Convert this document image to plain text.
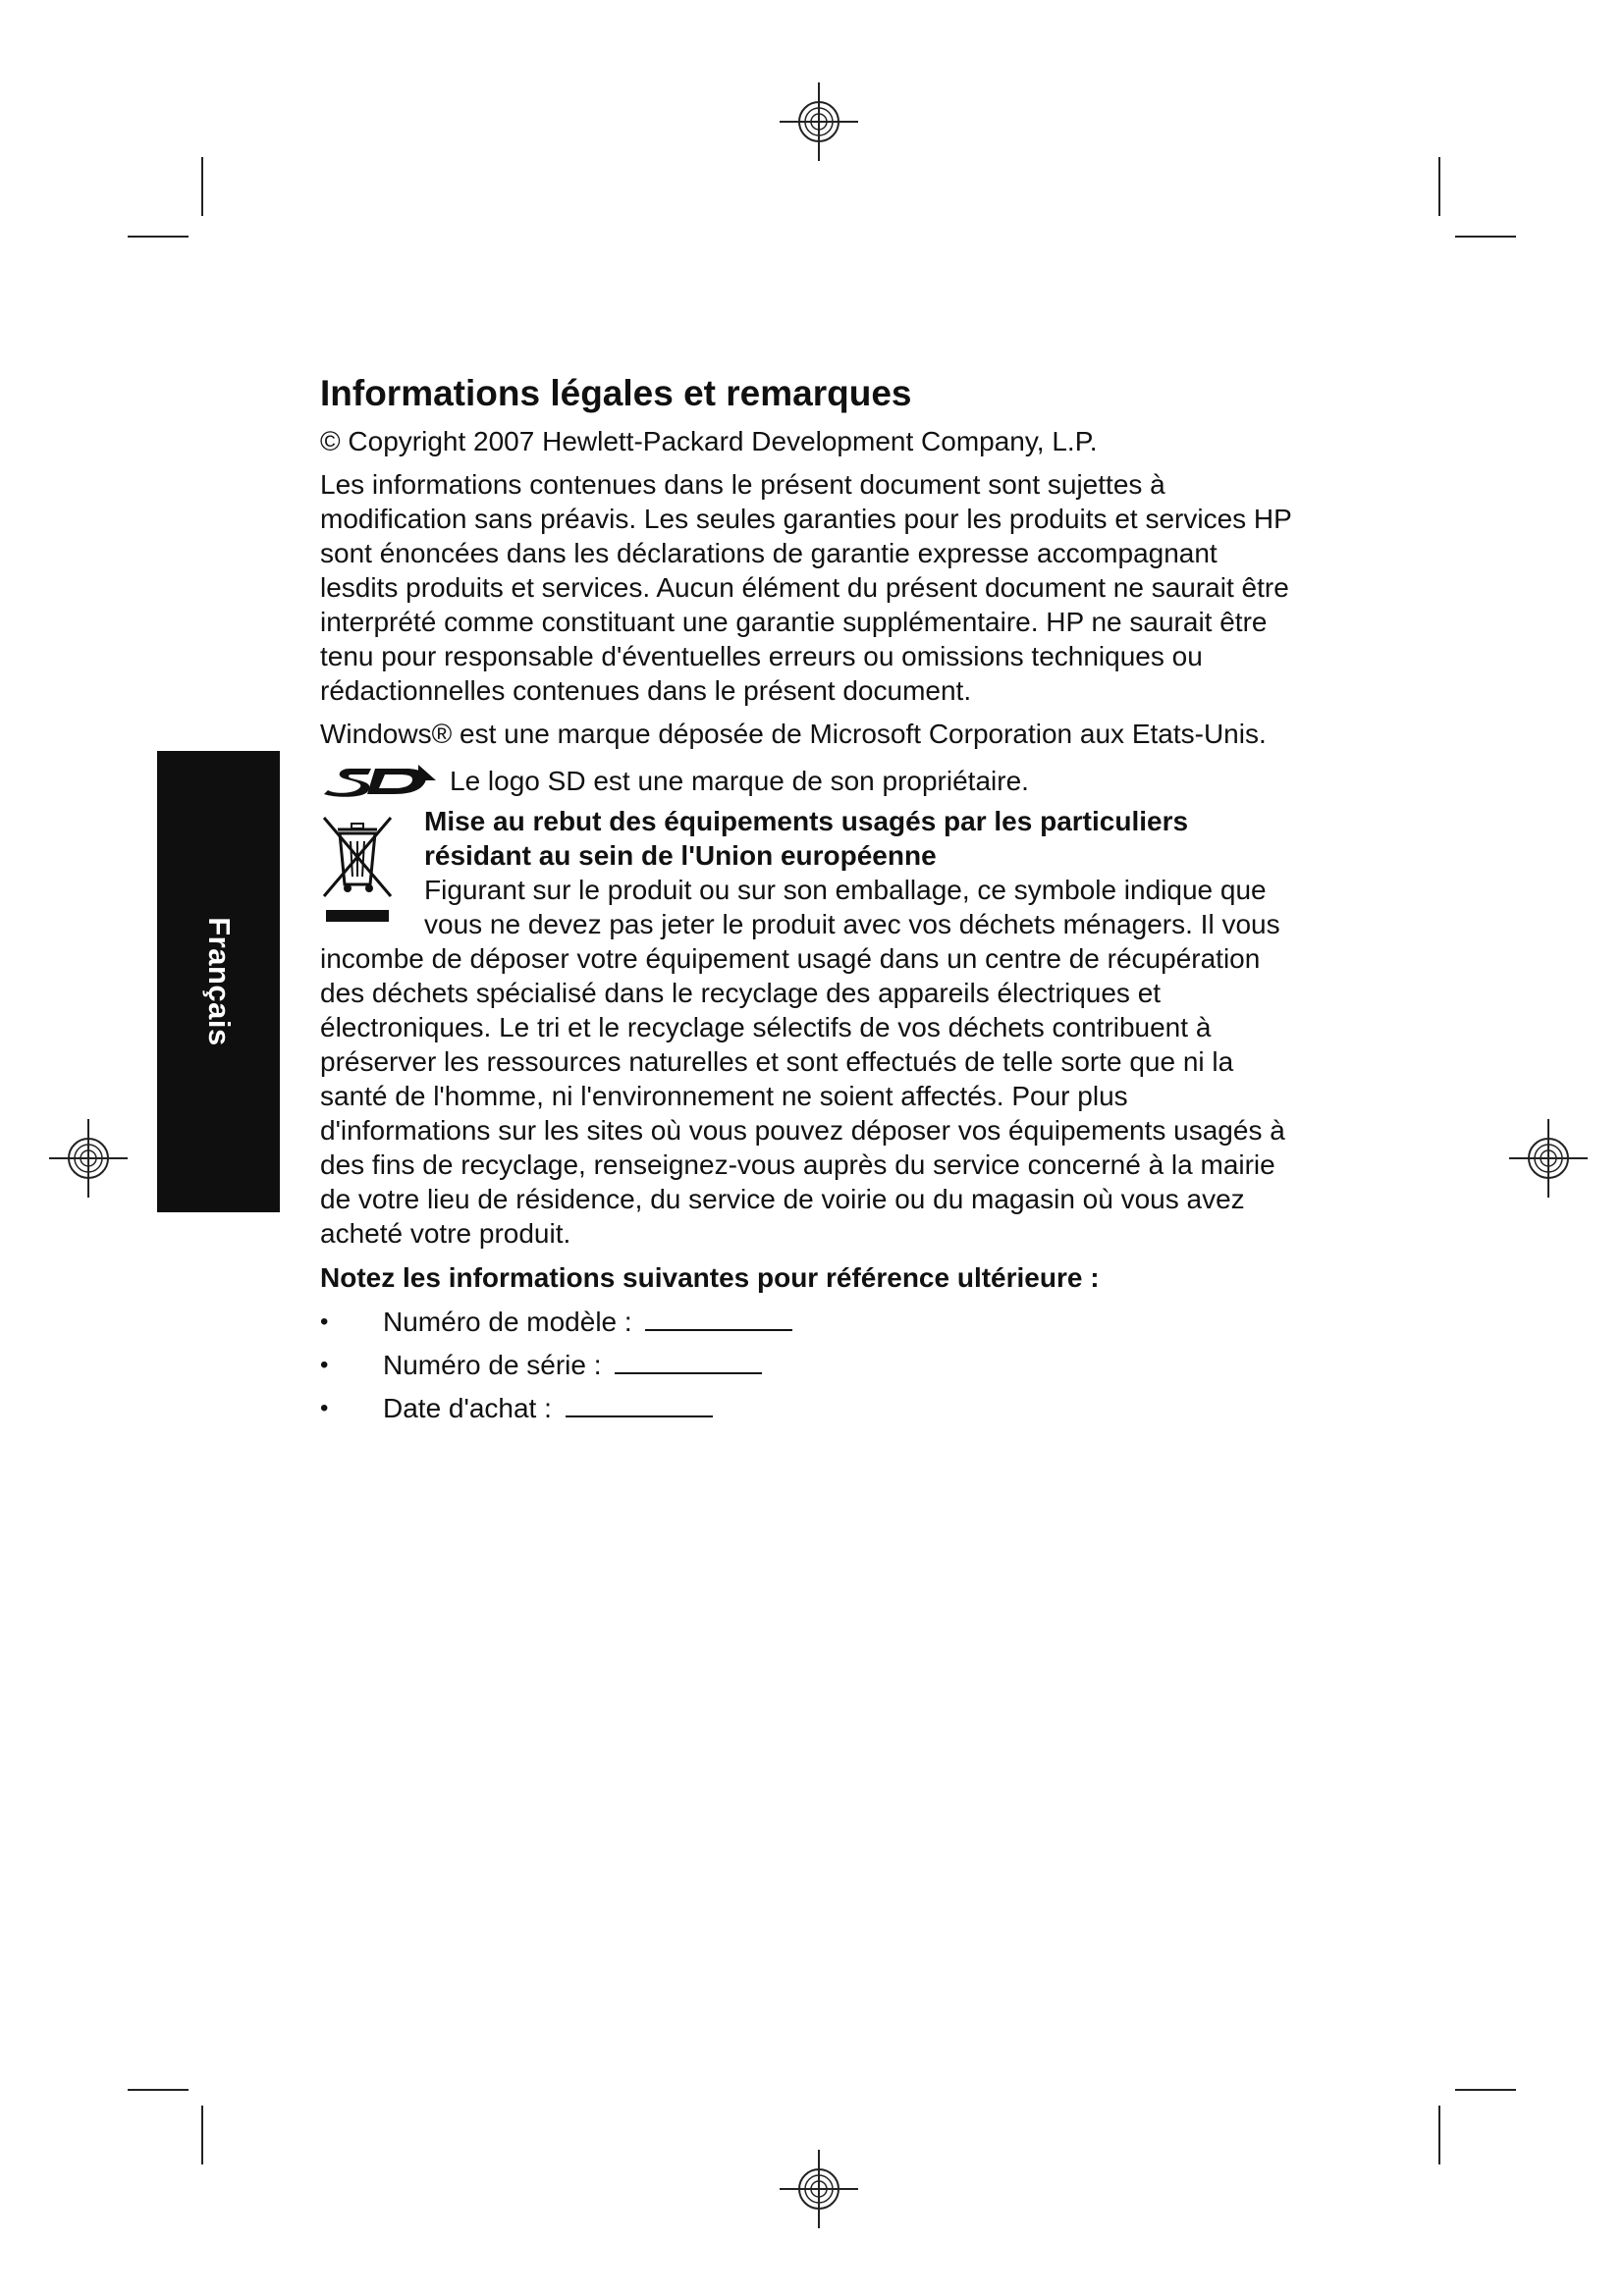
Français
Informations légales et remarques

© Copyright 2007 Hewlett-Packard Development Company, L.P.

Les informations contenues dans le présent document sont sujettes à modification sans préavis. Les seules garanties pour les produits et services HP sont énoncées dans les déclarations de garantie expresse accompagnant lesdits produits et services. Aucun élément du présent document ne saurait être interprété comme constituant une garantie supplémentaire. HP ne saurait être tenu pour responsable d'éventuelles erreurs ou omissions techniques ou rédactionnelles contenues dans le présent document.

Windows® est une marque déposée de Microsoft Corporation aux Etats-Unis.

Le logo SD est une marque de son propriétaire.
Mise au rebut des équipements usagés par les particuliers résidant au sein de l'Union européenne
Figurant sur le produit ou sur son emballage, ce symbole indique que vous ne devez pas jeter le produit avec vos déchets ménagers. Il vous incombe de déposer votre équipement usagé dans un centre de récupération des déchets spécialisé dans le recyclage des appareils électriques et électroniques. Le tri et le recyclage sélectifs de vos déchets contribuent à préserver les ressources naturelles et sont effectués de telle sorte que ni la santé de l'homme, ni l'environnement ne soient affectés. Pour plus d'informations sur les sites où vous pouvez déposer vos équipements usagés à des fins de recyclage, renseignez-vous auprès du service concerné à la mairie de votre lieu de résidence, du service de voirie ou du magasin où vous avez acheté votre produit.
Notez les informations suivantes pour référence ultérieure :
• Numéro de modèle :
• Numéro de série :
• Date d'achat :
